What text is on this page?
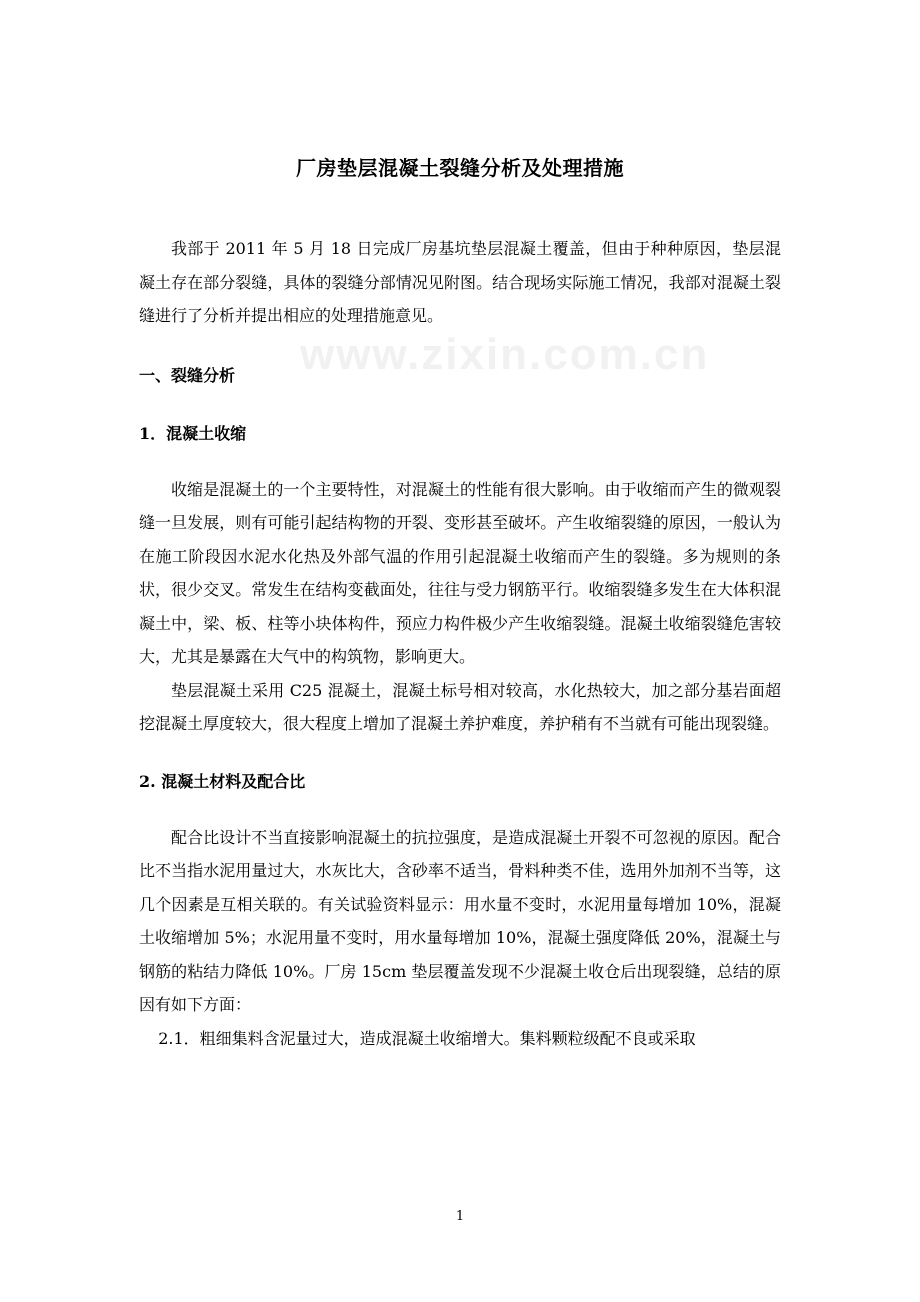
www.zixin.com.cn
厂房垫层混凝土裂缝分析及处理措施

我部于 2011 年 5 月 18 日完成厂房基坑垫层混凝土覆盖，但由于种种原因，垫层混凝土存在部分裂缝，具体的裂缝分部情况见附图。结合现场实际施工情况，我部对混凝土裂缝进行了分析并提出相应的处理措施意见。

一、裂缝分析
1．混凝土收缩

收缩是混凝土的一个主要特性，对混凝土的性能有很大影响。由于收缩而产生的微观裂缝一旦发展，则有可能引起结构物的开裂、变形甚至破坏。产生收缩裂缝的原因，一般认为在施工阶段因水泥水化热及外部气温的作用引起混凝土收缩而产生的裂缝。多为规则的条状，很少交叉。常发生在结构变截面处，往往与受力钢筋平行。收缩裂缝多发生在大体积混凝土中，梁、板、柱等小块体构件，预应力构件极少产生收缩裂缝。混凝土收缩裂缝危害较大，尤其是暴露在大气中的构筑物，影响更大。

垫层混凝土采用 C25 混凝土，混凝土标号相对较高，水化热较大，加之部分基岩面超挖混凝土厚度较大，很大程度上增加了混凝土养护难度，养护稍有不当就有可能出现裂缝。

2. 混凝土材料及配合比

配合比设计不当直接影响混凝土的抗拉强度，是造成混凝土开裂不可忽视的原因。配合比不当指水泥用量过大，水灰比大，含砂率不适当，骨料种类不佳，选用外加剂不当等，这几个因素是互相关联的。有关试验资料显示：用水量不变时，水泥用量每增加 10%，混凝土收缩增加 5%；水泥用量不变时，用水量每增加 10%，混凝土强度降低 20%，混凝土与钢筋的粘结力降低 10%。厂房 15cm 垫层覆盖发现不少混凝土收仓后出现裂缝，总结的原因有如下方面：

2.1．粗细集料含泥量过大，造成混凝土收缩增大。集料颗粒级配不良或采取

1
